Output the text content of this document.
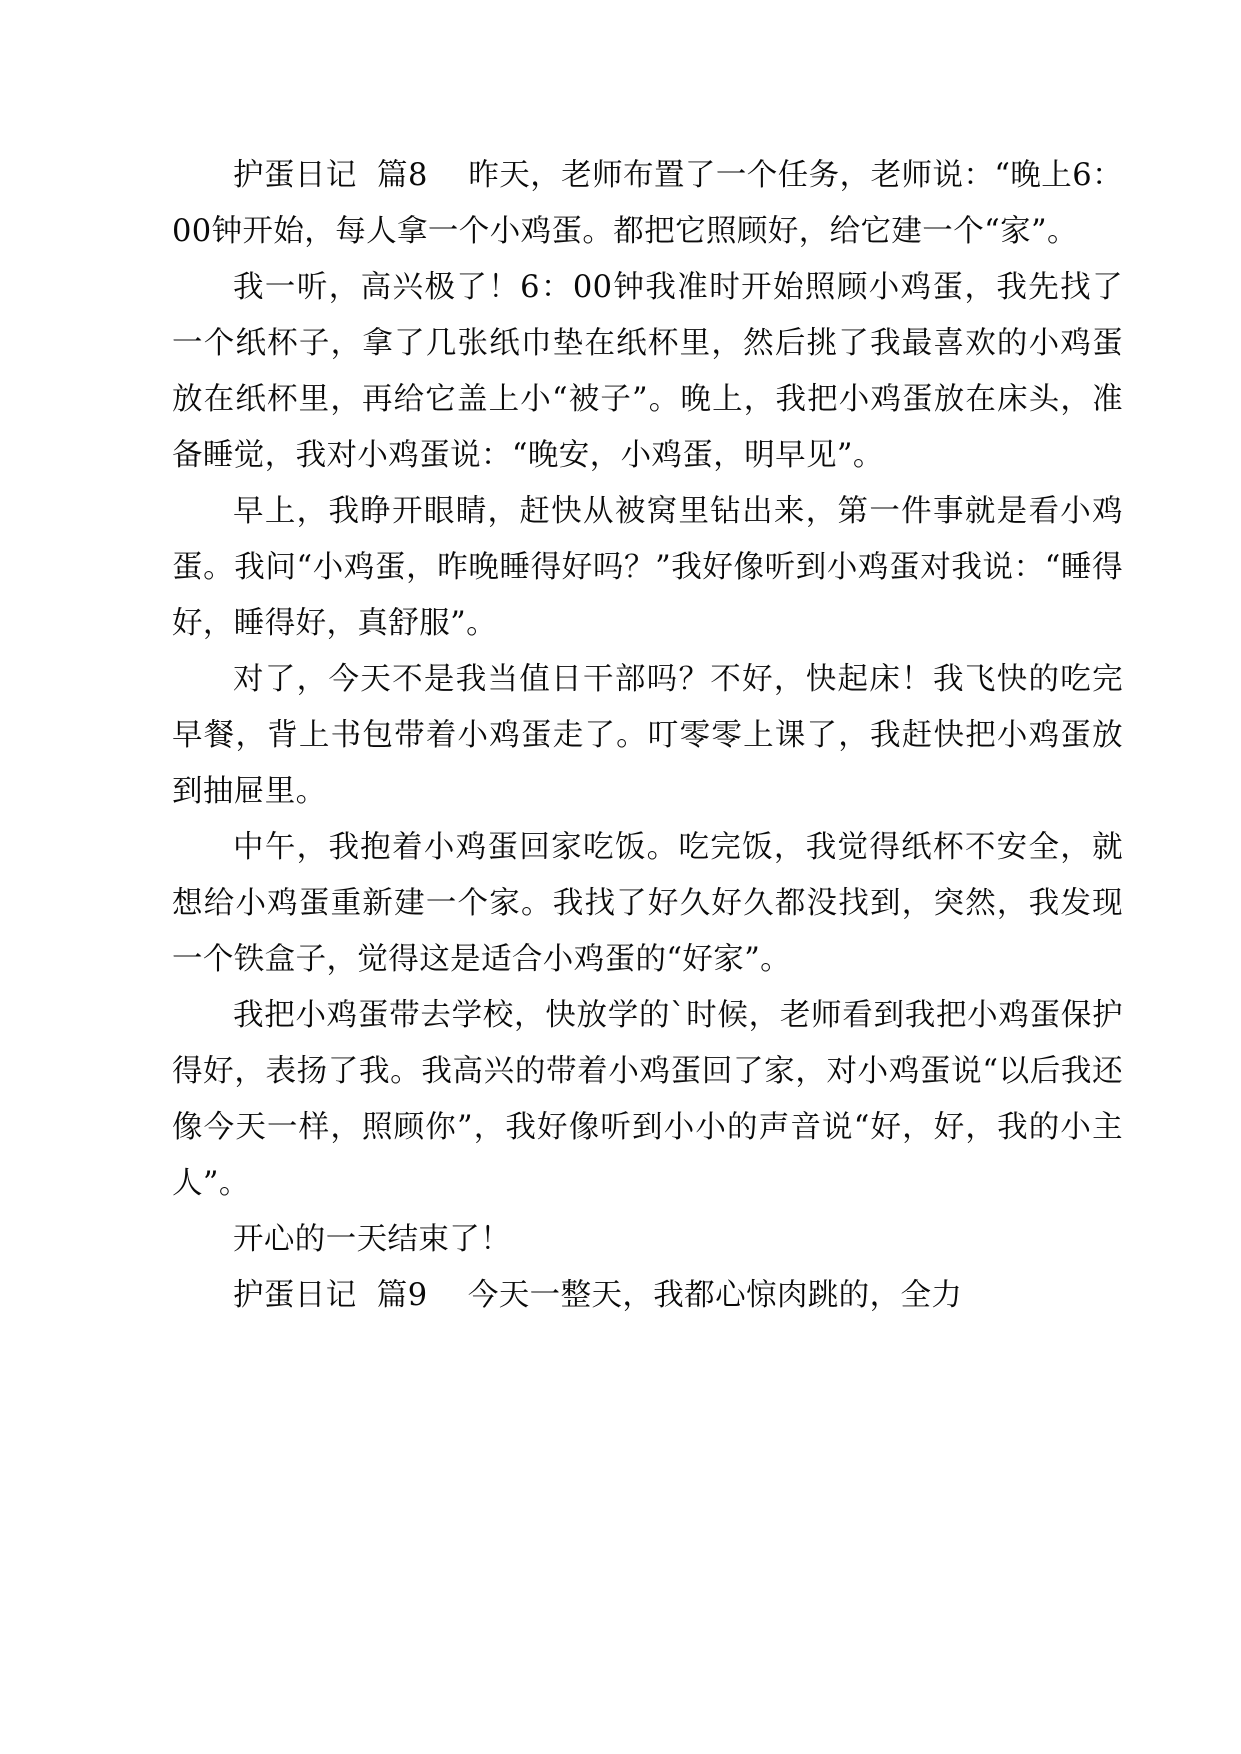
护蛋日记  篇8    昨天，老师布置了一个任务，老师说：“晚上6：00钟开始，每人拿一个小鸡蛋。都把它照顾好，给它建一个“家”。

我一听，高兴极了！6：00钟我准时开始照顾小鸡蛋，我先找了一个纸杯子，拿了几张纸巾垫在纸杯里，然后挑了我最喜欢的小鸡蛋放在纸杯里，再给它盖上小“被子”。晚上，我把小鸡蛋放在床头，准备睡觉，我对小鸡蛋说：“晚安，小鸡蛋，明早见”。

早上，我睁开眼睛，赶快从被窝里钻出来，第一件事就是看小鸡蛋。我问“小鸡蛋，昨晚睡得好吗？”我好像听到小鸡蛋对我说：“睡得好，睡得好，真舒服”。

对了，今天不是我当值日干部吗？不好，快起床！我飞快的吃完早餐，背上书包带着小鸡蛋走了。叮零零上课了，我赶快把小鸡蛋放到抽屉里。

中午，我抱着小鸡蛋回家吃饭。吃完饭，我觉得纸杯不安全，就想给小鸡蛋重新建一个家。我找了好久好久都没找到，突然，我发现一个铁盒子，觉得这是适合小鸡蛋的“好家”。

我把小鸡蛋带去学校，快放学的`时候，老师看到我把小鸡蛋保护得好，表扬了我。我高兴的带着小鸡蛋回了家，对小鸡蛋说“以后我还像今天一样，照顾你”，我好像听到小小的声音说“好，好，我的小主人”。

开心的一天结束了！

护蛋日记  篇9    今天一整天，我都心惊肉跳的，全力
